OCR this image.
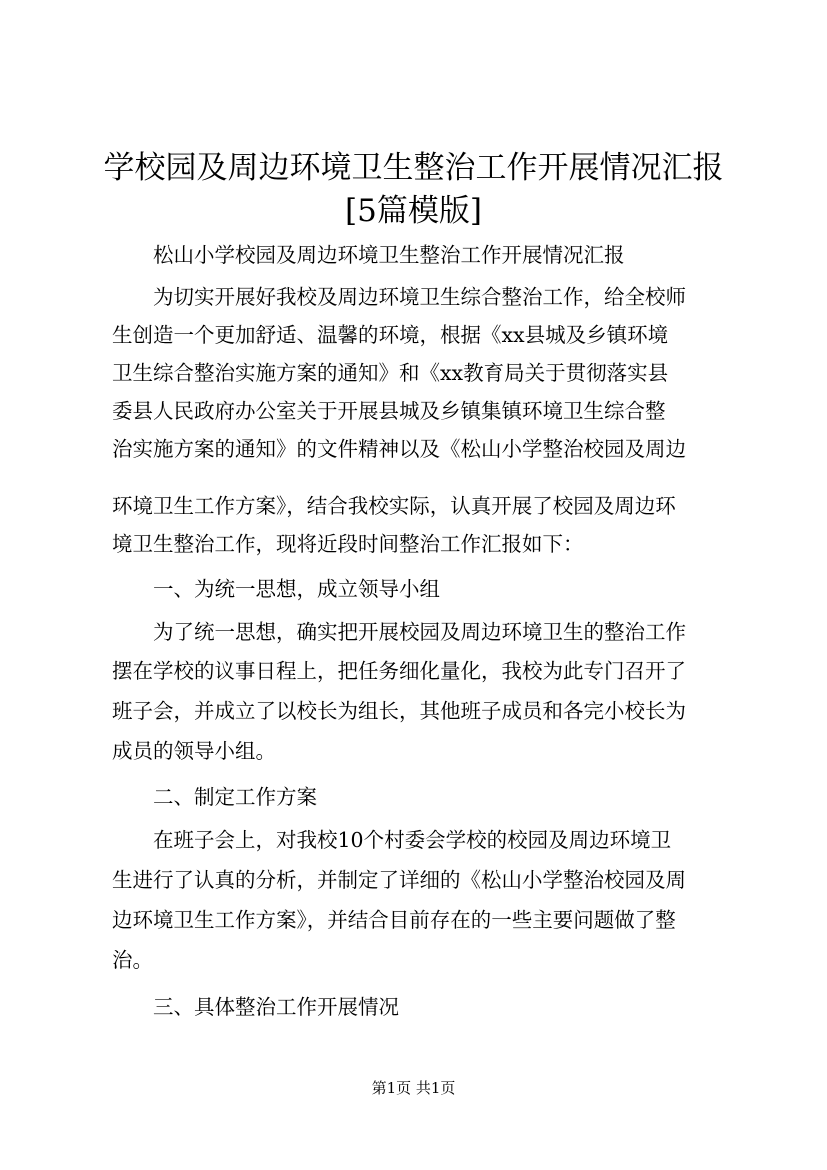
学校园及周边环境卫生整治工作开展情况汇报
[5篇模版]

松山小学校园及周边环境卫生整治工作开展情况汇报

为切实开展好我校及周边环境卫生综合整治工作，给全校师

生创造一个更加舒适、温馨的环境，根据《xx县城及乡镇环境

卫生综合整治实施方案的通知》和《xx教育局关于贯彻落实县

委县人民政府办公室关于开展县城及乡镇集镇环境卫生综合整

治实施方案的通知》的文件精神以及《松山小学整治校园及周边

环境卫生工作方案》，结合我校实际，认真开展了校园及周边环

境卫生整治工作，现将近段时间整治工作汇报如下：

一、为统一思想，成立领导小组

为了统一思想，确实把开展校园及周边环境卫生的整治工作

摆在学校的议事日程上，把任务细化量化，我校为此专门召开了

班子会，并成立了以校长为组长，其他班子成员和各完小校长为

成员的领导小组。

二、制定工作方案

在班子会上，对我校10个村委会学校的校园及周边环境卫

生进行了认真的分析，并制定了详细的《松山小学整治校园及周

边环境卫生工作方案》，并结合目前存在的一些主要问题做了整

治。

三、具体整治工作开展情况

第1页 共1页
